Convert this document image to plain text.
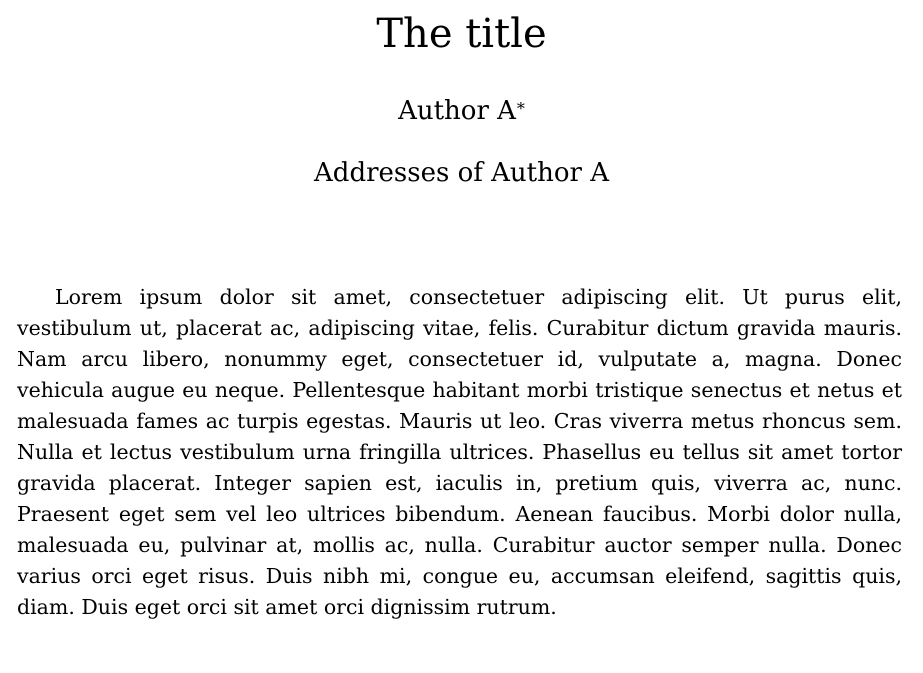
The title
Author A*
Addresses of Author A

Lorem ipsum dolor sit amet, consectetuer adipiscing elit. Ut purus elit, vestibulum ut, placerat ac, adipiscing vitae, felis. Curabitur dictum gravida mauris. Nam arcu libero, nonummy eget, consectetuer id, vulputate a, magna. Donec vehicula augue eu neque. Pellentesque habitant morbi tristique senectus et netus et malesuada fames ac turpis egestas. Mauris ut leo. Cras viverra metus rhoncus sem. Nulla et lectus vestibulum urna fringilla ultrices. Phasellus eu tellus sit amet tortor gravida placerat. Integer sapien est, iaculis in, pretium quis, viverra ac, nunc. Praesent eget sem vel leo ultrices bibendum. Aenean faucibus. Morbi dolor nulla, malesuada eu, pulvinar at, mollis ac, nulla. Curabitur auctor semper nulla. Donec varius orci eget risus. Duis nibh mi, congue eu, accumsan eleifend, sagittis quis, diam. Duis eget orci sit amet orci dignissim rutrum.
